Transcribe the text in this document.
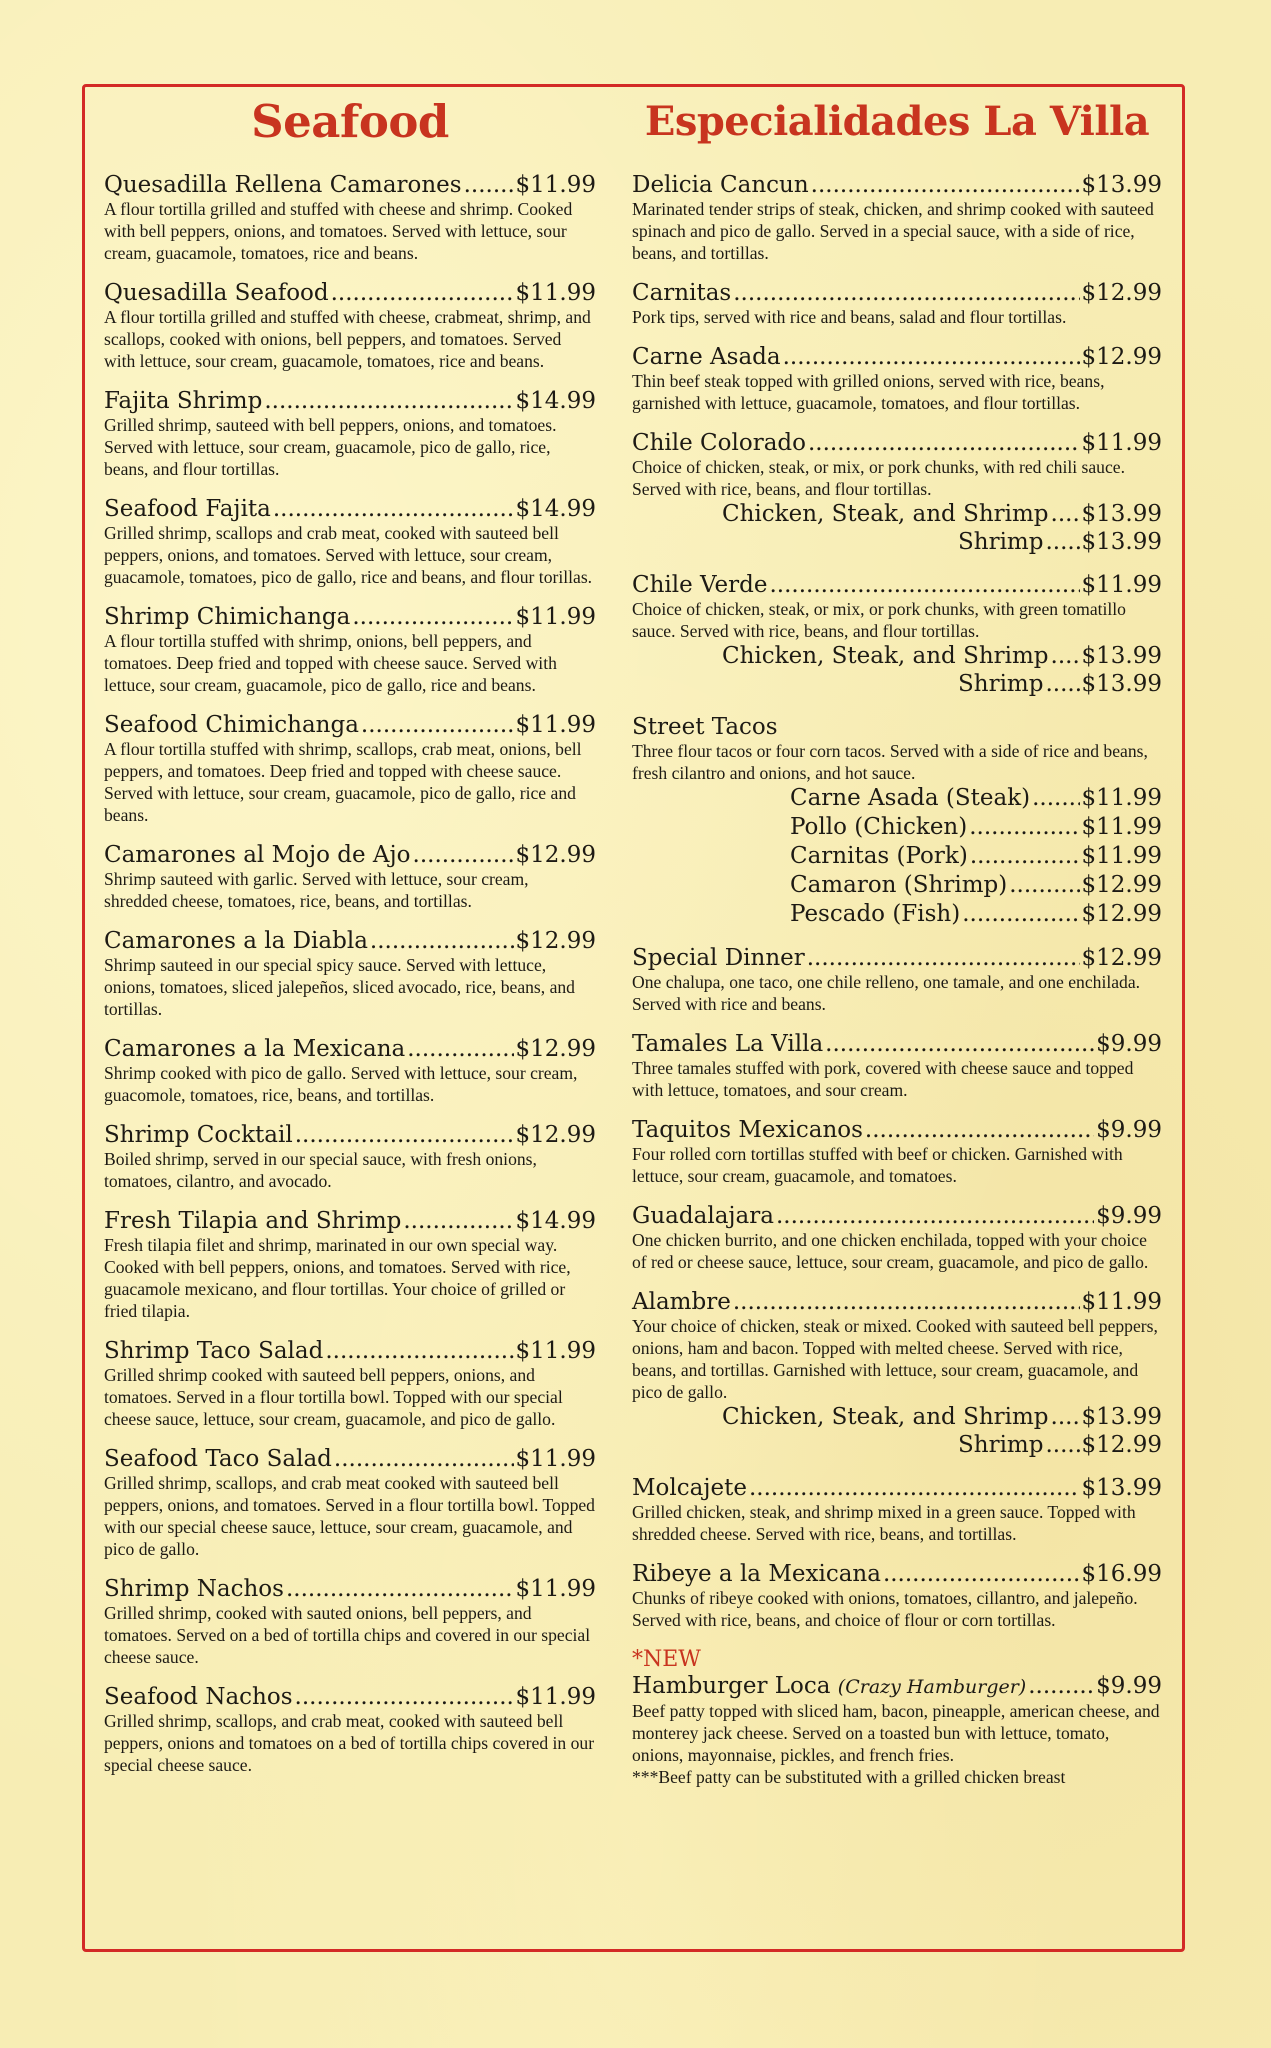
Seafood
Quesadilla Rellena Camarones ..... $11.99
A flour tortilla grilled and stuffed with cheese and shrimp. Cooked with bell peppers, onions, and tomatoes. Served with lettuce, sour cream, guacamole, tomatoes, rice and beans.
Quesadilla Seafood .....	$11.99
A flour tortilla grilled and stuffed with cheese, crabmeat, shrimp, and scallops, cooked with onions, bell peppers, and tomatoes. Served with lettuce, sour cream, guacamole, tomatoes, rice and beans.
Fajita Shrimp .....	$14.99
Grilled shrimp, sauteed with bell peppers, onions, and tomatoes. Served with lettuce, sour cream, guacamole, pico de gallo, rice, beans, and flour tortillas.
Seafood Fajita .....	$14.99
Grilled shrimp, scallops and crab meat, cooked with sauteed bell peppers, onions, and tomatoes. Served with lettuce, sour cream, guacamole, tomatoes, pico de gallo, rice and beans, and flour torillas.
Shrimp Chimichanga .....	$11.99
A flour tortilla stuffed with shrimp, onions, bell peppers, and tomatoes. Deep fried and topped with cheese sauce. Served with lettuce, sour cream, guacamole, pico de gallo, rice and beans.
Seafood Chimichanga .....	$11.99
A flour tortilla stuffed with shrimp, scallops, crab meat, onions, bell peppers, and tomatoes. Deep fried and topped with cheese sauce. Served with lettuce, sour cream, guacamole, pico de gallo, rice and beans.
Camarones al Mojo de Ajo .....	$12.99
Shrimp sauteed with garlic. Served with lettuce, sour cream, shredded cheese, tomatoes, rice, beans, and tortillas.
Camarones a la Diabla .....	$12.99
Shrimp sauteed in our special spicy sauce. Served with lettuce, onions, tomatoes, sliced jalepeños, sliced avocado, rice, beans, and tortillas.
Camarones a la Mexicana .....	$12.99
Shrimp cooked with pico de gallo. Served with lettuce, sour cream, guacomole, tomatoes, rice, beans, and tortillas.
Shrimp Cocktail .....	$12.99
Boiled shrimp, served in our special sauce, with fresh onions, tomatoes, cilantro, and avocado.
Fresh Tilapia and Shrimp .....	$14.99
Fresh tilapia filet and shrimp, marinated in our own special way. Cooked with bell peppers, onions, and tomatoes. Served with rice, guacamole mexicano, and flour tortillas. Your choice of grilled or fried tilapia.
Shrimp Taco Salad .....	$11.99
Grilled shrimp cooked with sauteed bell peppers, onions, and tomatoes. Served in a flour tortilla bowl. Topped with our special cheese sauce, lettuce, sour cream, guacamole, and pico de gallo.
Seafood Taco Salad .....	$11.99
Grilled shrimp, scallops, and crab meat cooked with sauteed bell peppers, onions, and tomatoes. Served in a flour tortilla bowl. Topped with our special cheese sauce, lettuce, sour cream, guacamole, and pico de gallo.
Shrimp Nachos .....	$11.99
Grilled shrimp, cooked with sauted onions, bell peppers, and tomatoes. Served on a bed of tortilla chips and covered in our special cheese sauce.
Seafood Nachos .....	$11.99
Grilled shrimp, scallops, and crab meat, cooked with sauteed bell peppers, onions and tomatoes on a bed of tortilla chips covered in our special cheese sauce.
Especialidades La Villa
Delicia Cancun .....	$13.99
Marinated tender strips of steak, chicken, and shrimp cooked with sauteed spinach and pico de gallo. Served in a special sauce, with a side of rice, beans, and tortillas.
Carnitas .....	$12.99
Pork tips, served with rice and beans, salad and flour tortillas.
Carne Asada .....	$12.99
Thin beef steak topped with grilled onions, served with rice, beans, garnished with lettuce, guacamole, tomatoes, and flour tortillas.
Chile Colorado .....	$11.99
Choice of chicken, steak, or mix, or pork chunks, with red chili sauce. Served with rice, beans, and flour tortillas.
Chicken, Steak, and Shrimp ..... $13.99
Shrimp ..... $13.99
Chile Verde .....	$11.99
Choice of chicken, steak, or mix, or pork chunks, with green tomatillo sauce. Served with rice, beans, and flour tortillas.
Chicken, Steak, and Shrimp ..... $13.99
Shrimp ..... $13.99
Street Tacos
Three flour tacos or four corn tacos. Served with a side of rice and beans, fresh cilantro and onions, and hot sauce.
Carne Asada (Steak) ..... $11.99
Pollo (Chicken) .....	$11.99
Carnitas (Pork) .....	$11.99
Camaron (Shrimp) .....	$12.99
Pescado (Fish) .....	$12.99
Special Dinner .....	$12.99
One chalupa, one taco, one chile relleno, one tamale, and one enchilada. Served with rice and beans.
Tamales La Villa .....	$9.99
Three tamales stuffed with pork, covered with cheese sauce and topped with lettuce, tomatoes, and sour cream.
Taquitos Mexicanos .....	$9.99
Four rolled corn tortillas stuffed with beef or chicken. Garnished with lettuce, sour cream, guacamole, and tomatoes.
Guadalajara .....	$9.99
One chicken burrito, and one chicken enchilada, topped with your choice of red or cheese sauce, lettuce, sour cream, guacamole, and pico de gallo.
Alambre .....	$11.99
Your choice of chicken, steak or mixed. Cooked with sauteed bell peppers, onions, ham and bacon. Topped with melted cheese. Served with rice, beans, and tortillas. Garnished with lettuce, sour cream, guacamole, and pico de gallo.
Chicken, Steak, and Shrimp ..... $13.99
Shrimp ..... $12.99
Molcajete .....	$13.99
Grilled chicken, steak, and shrimp mixed in a green sauce. Topped with shredded cheese. Served with rice, beans, and tortillas.
Ribeye a la Mexicana .....	$16.99
Chunks of ribeye cooked with onions, tomatoes, cillantro, and jalepeño. Served with rice, beans, and choice of flour or corn tortillas.
*NEW
Hamburger Loca
(Crazy Hamburger) .....	$9.99
Beef patty topped with sliced ham, bacon, pineapple, american cheese, and monterey jack cheese. Served on a toasted bun with lettuce, tomato, onions, mayonnaise, pickles, and french fries.
***Beef patty can be substituted with a grilled chicken breast
